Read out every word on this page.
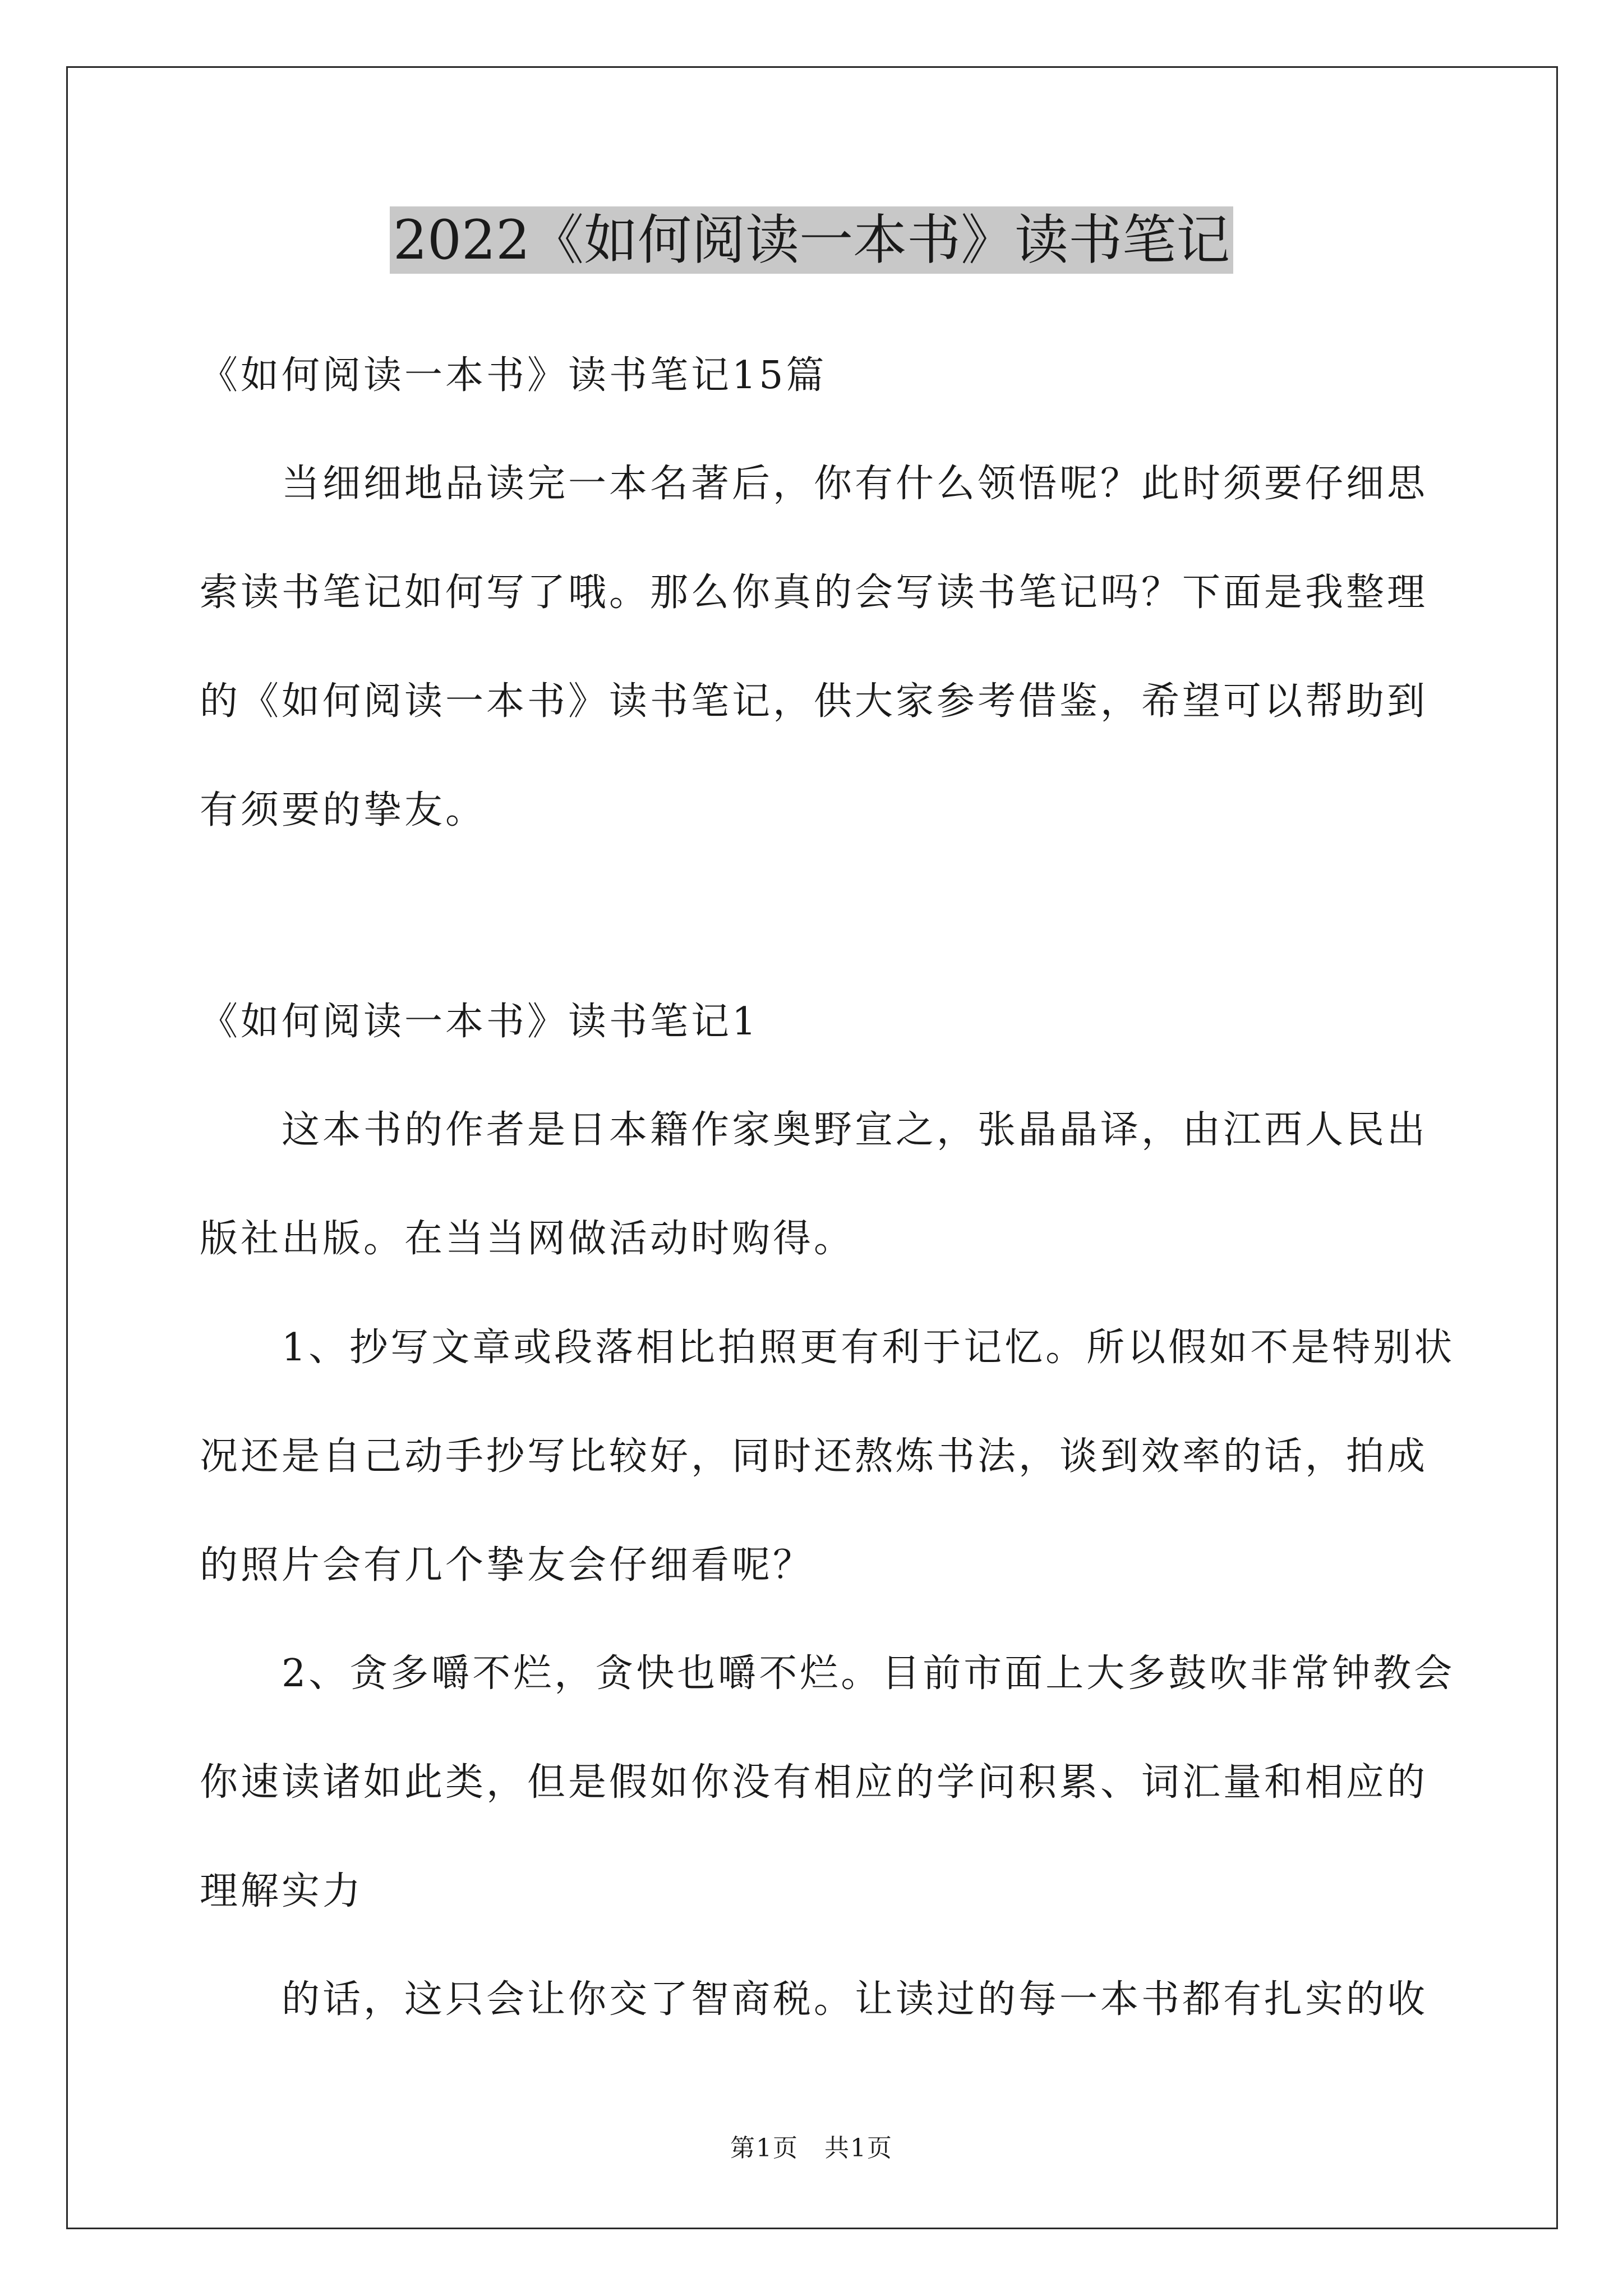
2022《如何阅读一本书》读书笔记
《如何阅读一本书》读书笔记15篇
当细细地品读完一本名著后，你有什么领悟呢？此时须要仔细思
索读书笔记如何写了哦。那么你真的会写读书笔记吗？下面是我整理
的《如何阅读一本书》读书笔记，供大家参考借鉴，希望可以帮助到
有须要的挚友。
《如何阅读一本书》读书笔记1
这本书的作者是日本籍作家奥野宣之，张晶晶译，由江西人民出
版社出版。在当当网做活动时购得。
1、抄写文章或段落相比拍照更有利于记忆。所以假如不是特别状
况还是自己动手抄写比较好，同时还熬炼书法，谈到效率的话，拍成
的照片会有几个挚友会仔细看呢？
2、贪多嚼不烂，贪快也嚼不烂。目前市面上大多鼓吹非常钟教会
你速读诸如此类，但是假如你没有相应的学问积累、词汇量和相应的
理解实力
的话，这只会让你交了智商税。让读过的每一本书都有扎实的收
第1页　共1页
